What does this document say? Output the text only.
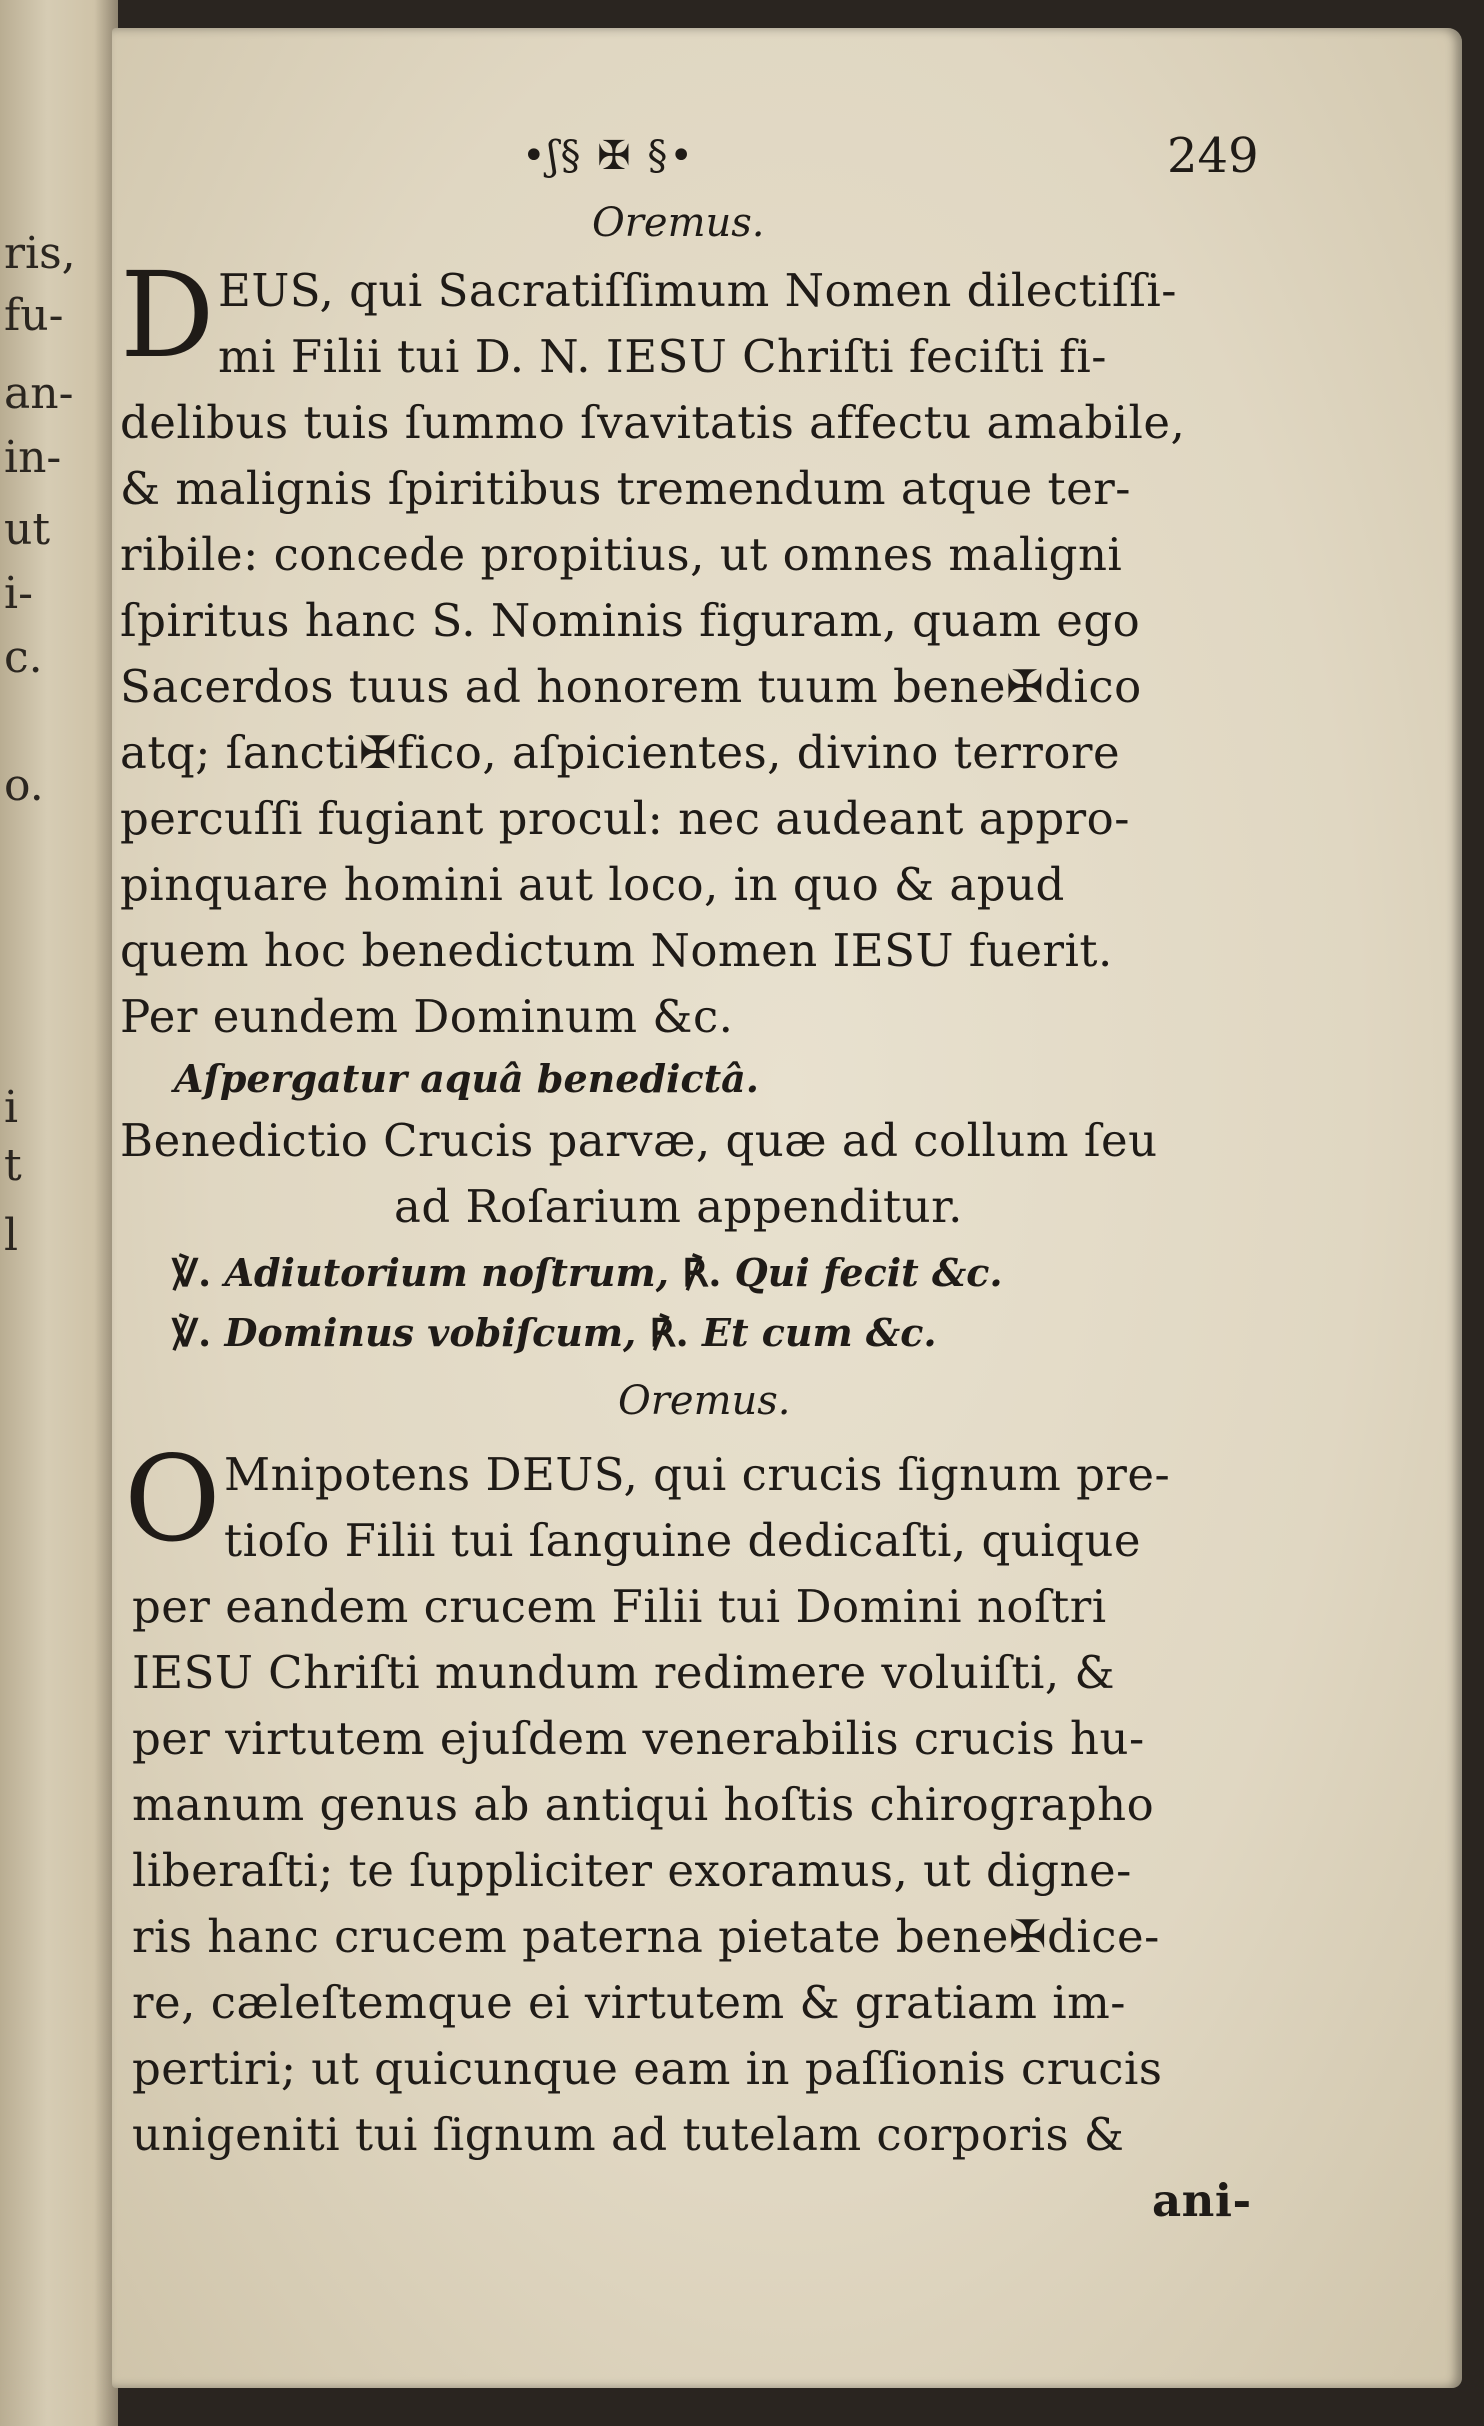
ris,
fu-
an-
in-
ut
i-
c.
o.
i
t
l
•ʃ§ ✠ §•	249
Oremus.
D EUS, qui Sacratiſſimum Nomen dilectiſſi-
mi Filii tui D. N. IESU Chriſti feciſti fi-
delibus tuis ſummo ſvavitatis affectu amabile,
& malignis ſpiritibus tremendum atque ter-
ribile: concede propitius, ut omnes maligni
ſpiritus hanc S. Nominis figuram, quam ego
Sacerdos tuus ad honorem tuum bene✠dico
atq; ſancti✠fico, aſpicientes, divino terrore
percuſſi fugiant procul: nec audeant appro-
pinquare homini aut loco, in quo & apud
quem hoc benedictum Nomen IESU fuerit.
Per eundem Dominum &c.
Aſpergatur aquâ benedictâ.
Benedictio Crucis parvæ, quæ ad collum ſeu
ad Roſarium appenditur.
℣. Adiutorium noſtrum, ℟. Qui fecit &c.
℣. Dominus vobiſcum, ℟. Et cum &c.
Oremus.
O Mnipotens DEUS, qui crucis ſignum pre-
tioſo Filii tui ſanguine dedicaſti, quique
per eandem crucem Filii tui Domini noſtri
IESU Chriſti mundum redimere voluiſti, &
per virtutem ejuſdem venerabilis crucis hu-
manum genus ab antiqui hoſtis chirographo
liberaſti; te ſuppliciter exoramus, ut digne-
ris hanc crucem paterna pietate bene✠dice-
re, cæleſtemque ei virtutem & gratiam im-
pertiri; ut quicunque eam in paſſionis crucis
unigeniti tui ſignum ad tutelam corporis &
ani-
